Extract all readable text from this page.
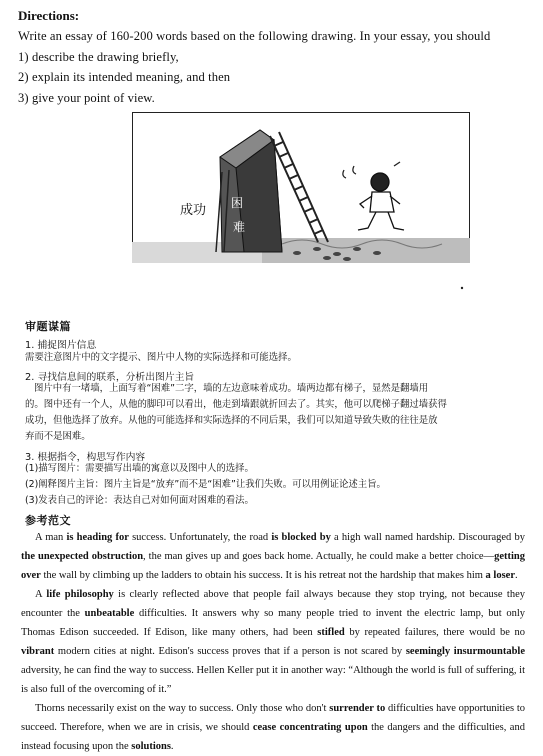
Directions:
Write an essay of 160-200 words based on the following drawing. In your essay, you should
1) describe the drawing briefly,
2) explain its intended meaning, and then
3) give your point of view.
成功 困
难
审题谋篇
1. 捕捉图片信息
需要注意图片中的文字提示、图片中人物的实际选择和可能选择。
2. 寻找信息间的联系，分析出图片主旨
图片中有一堵墙，上面写着“困难”二字，墙的左边意味着成功。墙两边都有梯子，显然是翻墙用
的。图中还有一个人，从他的脚印可以看出，他走到墙跟就折回去了。其实，他可以爬梯子翻过墙获得
成功，但他选择了放弃。从他的可能选择和实际选择的不同后果，我们可以知道导致失败的往往是放
弃而不是困难。
3. 根据指令，构思写作内容
(1)描写图片：需要描写出墙的寓意以及图中人的选择。
(2)阐释图片主旨：图片主旨是“放弃”而不是“困难”让我们失败。可以用例证论述主旨。
(3)发表自己的评论：表达自己对如何面对困难的看法。
参考范文

A man is heading for success. Unfortunately, the road is blocked by a high wall named hardship. Discouraged by the unexpected obstruction, the man gives up and goes back home. Actually, he could make a better choice—getting over the wall by climbing up the ladders to obtain his success. It is his retreat not the hardship that makes him a loser.

A life philosophy is clearly reflected above that people fail always because they stop trying, not because they encounter the unbeatable difficulties. It answers why so many people tried to invent the electric lamp, but only Thomas Edison succeeded. If Edison, like many others, had been stifled by repeated failures, there would be no vibrant modern cities at night. Edison's success proves that if a person is not scared by seemingly insurmountable adversity, he can find the way to success. Hellen Keller put it in another way: “Although the world is full of suffering, it is also full of the overcoming of it.”

Thorns necessarily exist on the way to success. Only those who don't surrender to difficulties have opportunities to succeed. Therefore, when we are in crisis, we should cease concentrating upon the dangers and the difficulties, and instead focusing upon the solutions.
